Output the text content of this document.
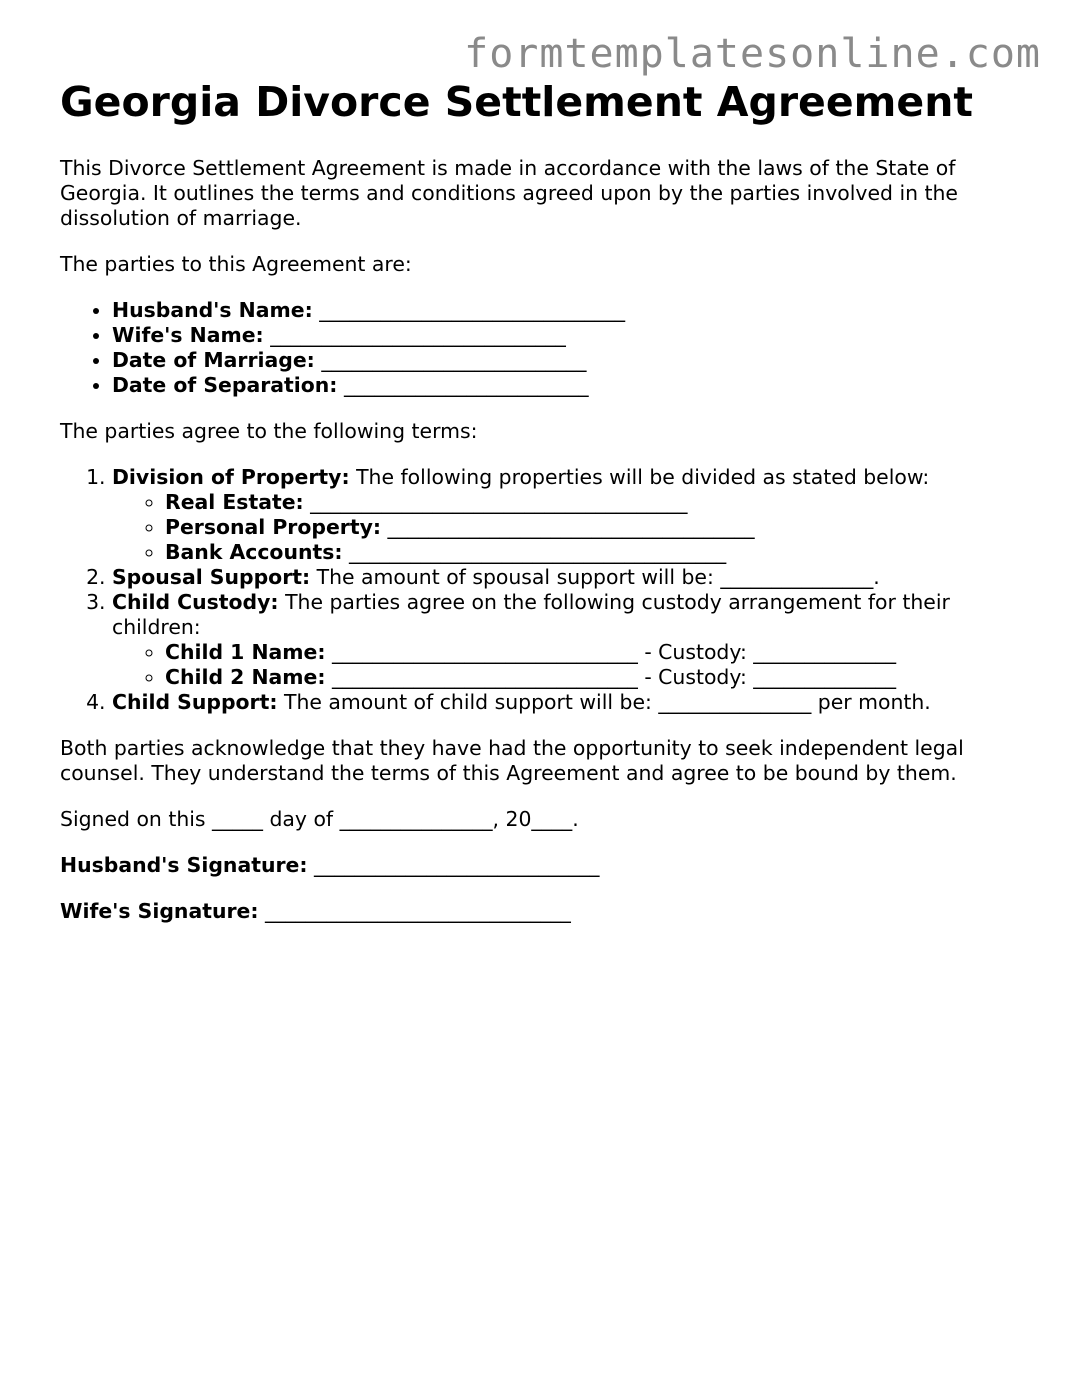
formtemplatesonline.com
Georgia Divorce Settlement Agreement

This Divorce Settlement Agreement is made in accordance with the laws of the State of Georgia. It outlines the terms and conditions agreed upon by the parties involved in the dissolution of marriage.

The parties to this Agreement are:

• Husband's Name: ______________________________
• Wife's Name: _____________________________
• Date of Marriage: __________________________
• Date of Separation: ________________________

The parties agree to the following terms:

1. Division of Property: The following properties will be divided as stated below:
◦ Real Estate: _____________________________________
◦ Personal Property: ____________________________________
◦ Bank Accounts: _____________________________________
2. Spousal Support: The amount of spousal support will be: _______________.
3. Child Custody: The parties agree on the following custody arrangement for their children:
◦ Child 1 Name: ______________________________ - Custody: ______________
◦ Child 2 Name: ______________________________ - Custody: ______________
4. Child Support: The amount of child support will be: _______________ per month.

Both parties acknowledge that they have had the opportunity to seek independent legal counsel. They understand the terms of this Agreement and agree to be bound by them.

Signed on this _____ day of _______________, 20____.

Husband's Signature: ____________________________

Wife's Signature: ______________________________
